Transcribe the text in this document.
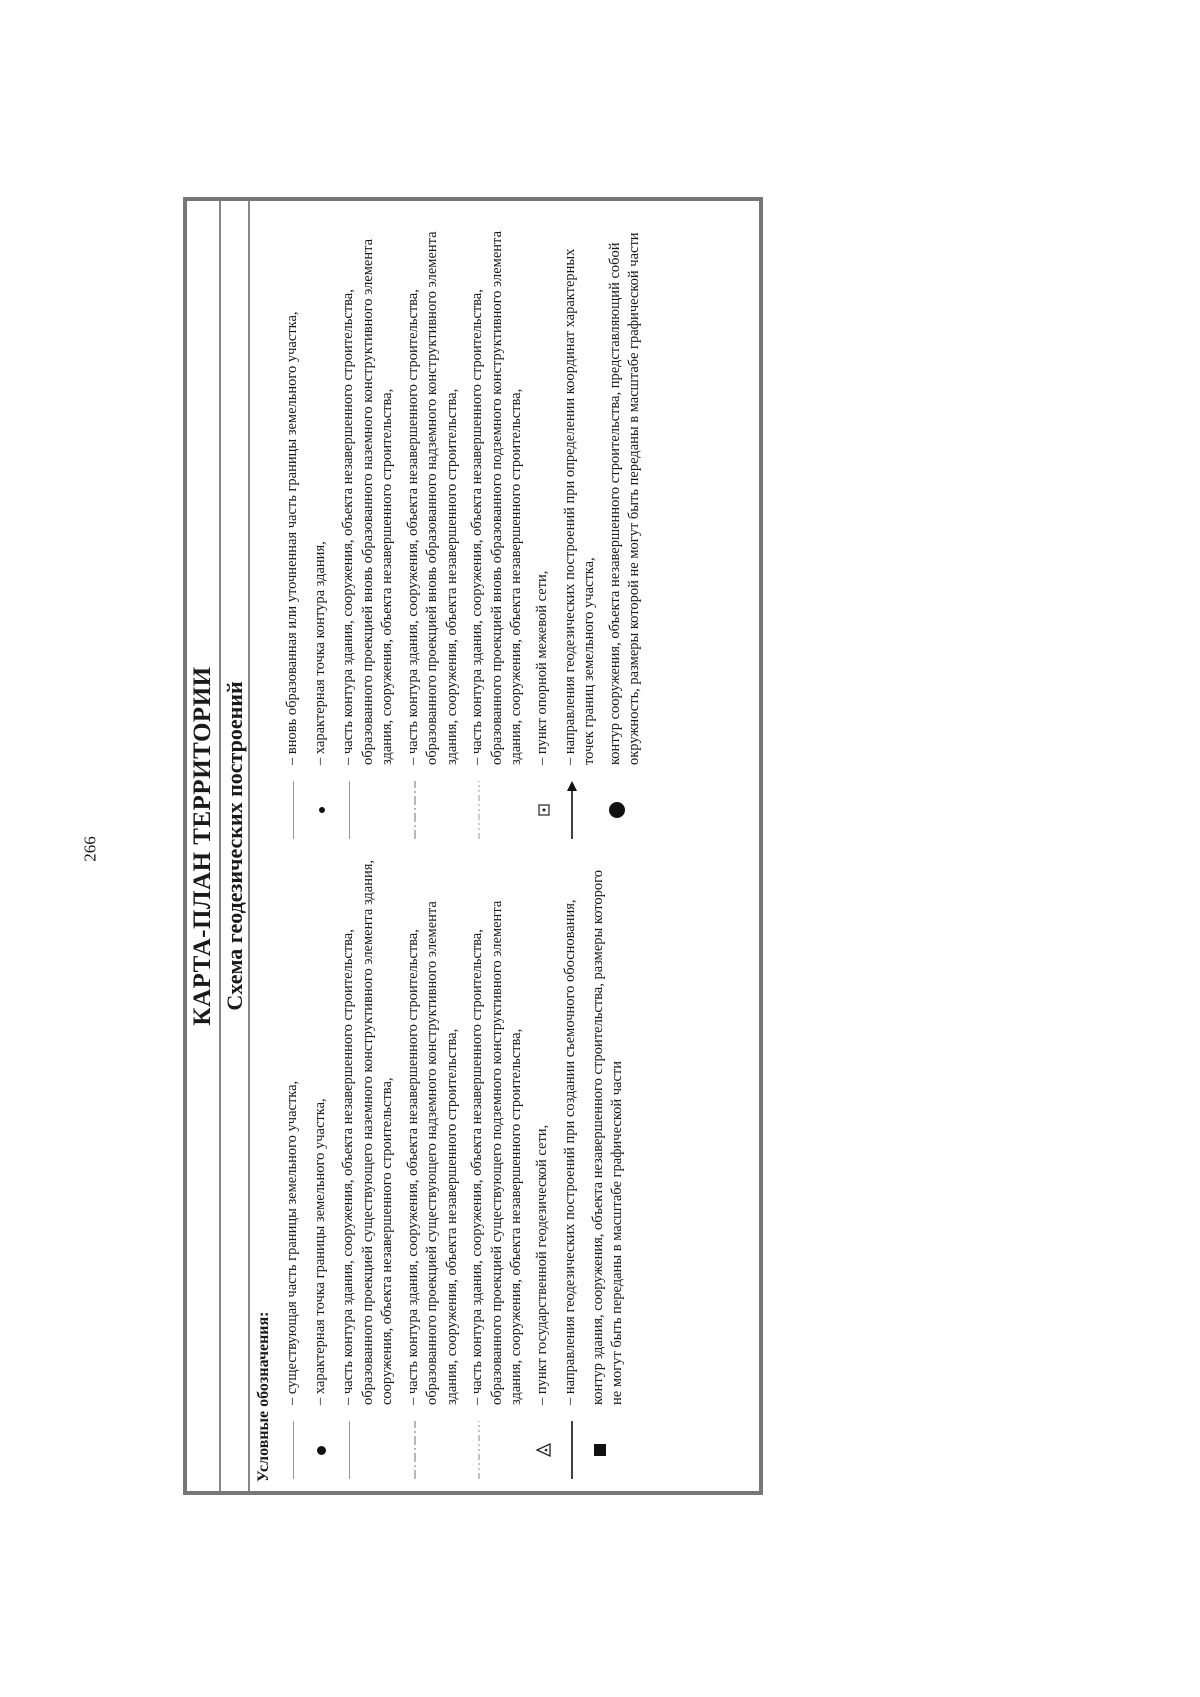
266	КАРТА-ПЛАН ТЕРРИТОРИИ Схема геодезических построений
Условные обозначения: – существующая часть границы земельного участка, – характерная точка границы земельного участка, – часть контура здания, сооружения, объекта незавершенного строительства, образованного проекцией существующего наземного конструктивного элемента здания, сооружения, объекта незавершенного строительства, – часть контура здания, сооружения, объекта незавершенного строительства, образованного проекцией существующего надземного конструктивного элемента здания, сооружения, объекта незавершенного строительства, – часть контура здания, сооружения, объекта незавершенного строительства, образованного проекцией существующего подземного конструктивного элемента здания, сооружения, объекта незавершенного строительства, – пункт государственной геодезической сети, – направления геодезических построений при создании съемочного обоснования, контур здания, сооружения, объекта незавершенного строительства, размеры которого не могут быть переданы в масштабе графической части
– вновь образованная или уточненная часть границы земельного участка, – характерная точка контура здания, – часть контура здания, сооружения, объекта незавершенного строительства, образованного проекцией вновь образованного наземного конструктивного элемента здания, сооружения, объекта незавершенного строительства, – часть контура здания, сооружения, объекта незавершенного строительства, образованного проекцией вновь образованного надземного конструктивного элемента здания, сооружения, объекта незавершенного строительства, – часть контура здания, сооружения, объекта незавершенного строительства, образованного проекцией вновь образованного подземного конструктивного элемента здания, сооружения, объекта незавершенного строительства, – пункт опорной межевой сети, – направления геодезических построений при определении координат характерных точек границ земельного участка, контур сооружения, объекта незавершенного строительства, представляющий собой окружность, размеры которой не могут быть переданы в масштабе графической части
